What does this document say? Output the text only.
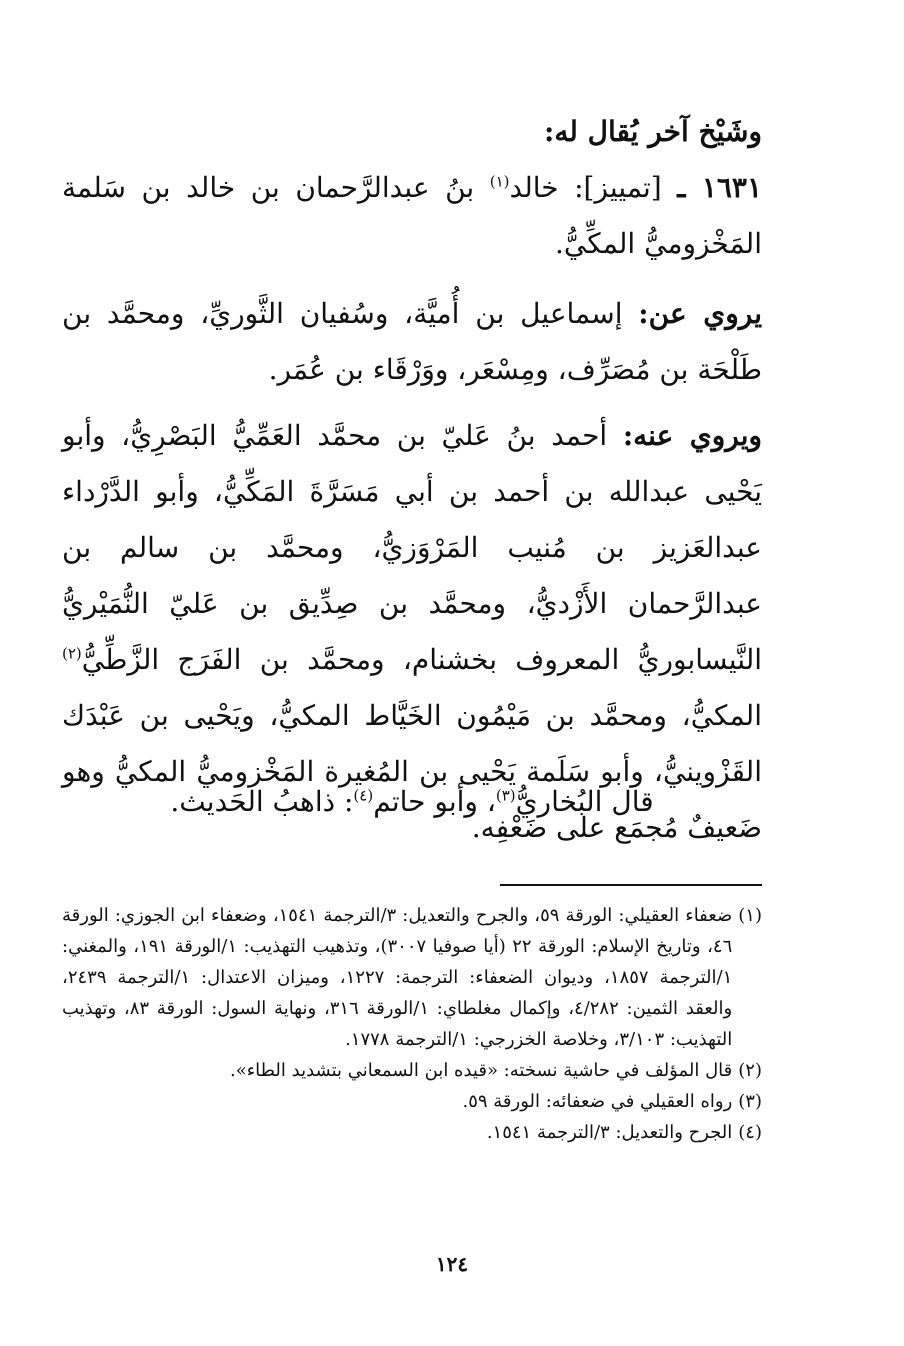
وشَيْخ آخر يُقال له:

١٦٣١ ـ [تمييز]: خالد$^{(١)}$ بنُ عبدالرَّحمان بن خالد بن سَلمة المَخْزوميُّ المكِّيُّ.

يروي عن: إسماعيل بن أُميَّة، وسُفيان الثَّوريِّ، ومحمَّد بن طَلْحَة بن مُصَرِّف، ومِسْعَر، ووَرْقَاء بن عُمَر.

ويروي عنه: أحمد بنُ عَليّ بن محمَّد العَمِّيُّ البَصْرِيُّ، وأبو يَحْيى عبدالله بن أحمد بن أبي مَسَرَّةَ المَكِّيُّ، وأبو الدَّرْداء عبدالعَزيز بن مُنيب المَرْوَزيُّ، ومحمَّد بن سالم بن عبدالرَّحمان الأَزْديُّ، ومحمَّد بن صِدِّيق بن عَليّ النُّمَيْريُّ النَّيسابوريُّ المعروف بخشنام، ومحمَّد بن الفَرَج الزَّطِّيُّ$^{(٢)}$ المكيُّ، ومحمَّد بن مَيْمُون الخَيَّاط المكيُّ، ويَحْيى بن عَبْدَك القَزْوينيُّ، وأبو سَلَمة يَحْيى بن المُغيرة المَخْزوميُّ المكيُّ وهو ضَعيفٌ مُجمَع على ضَعْفِه.

قال البُخاريُّ$^{(٣)}$، وأبو حاتم$^{(٤)}$: ذاهبُ الحَديث.

(١)
ضعفاء العقيلي: الورقة ٥٩، والجرح والتعديل: ٣/الترجمة ١٥٤١، وضعفاء ابن الجوزي: الورقة ٤٦، وتاريخ الإسلام: الورقة ٢٢ (أيا صوفيا ٣٠٠٧)، وتذهيب التهذيب: ١/الورقة ١٩١، والمغني: ١/الترجمة ١٨٥٧، وديوان الضعفاء: الترجمة: ١٢٢٧، وميزان الاعتدال: ١/الترجمة ٢٤٣٩، والعقد الثمين: ٤/٢٨٢، وإكمال مغلطاي: ١/الورقة ٣١٦، ونهاية السول: الورقة ٨٣، وتهذيب التهذيب: ٣/١٠٣، وخلاصة الخزرجي: ١/الترجمة ١٧٧٨.
(٢)
قال المؤلف في حاشية نسخته: «قيده ابن السمعاني بتشديد الطاء».
(٣)
رواه العقيلي في ضعفائه: الورقة ٥٩.
(٤)
الجرح والتعديل: ٣/الترجمة ١٥٤١.
١٢٤
